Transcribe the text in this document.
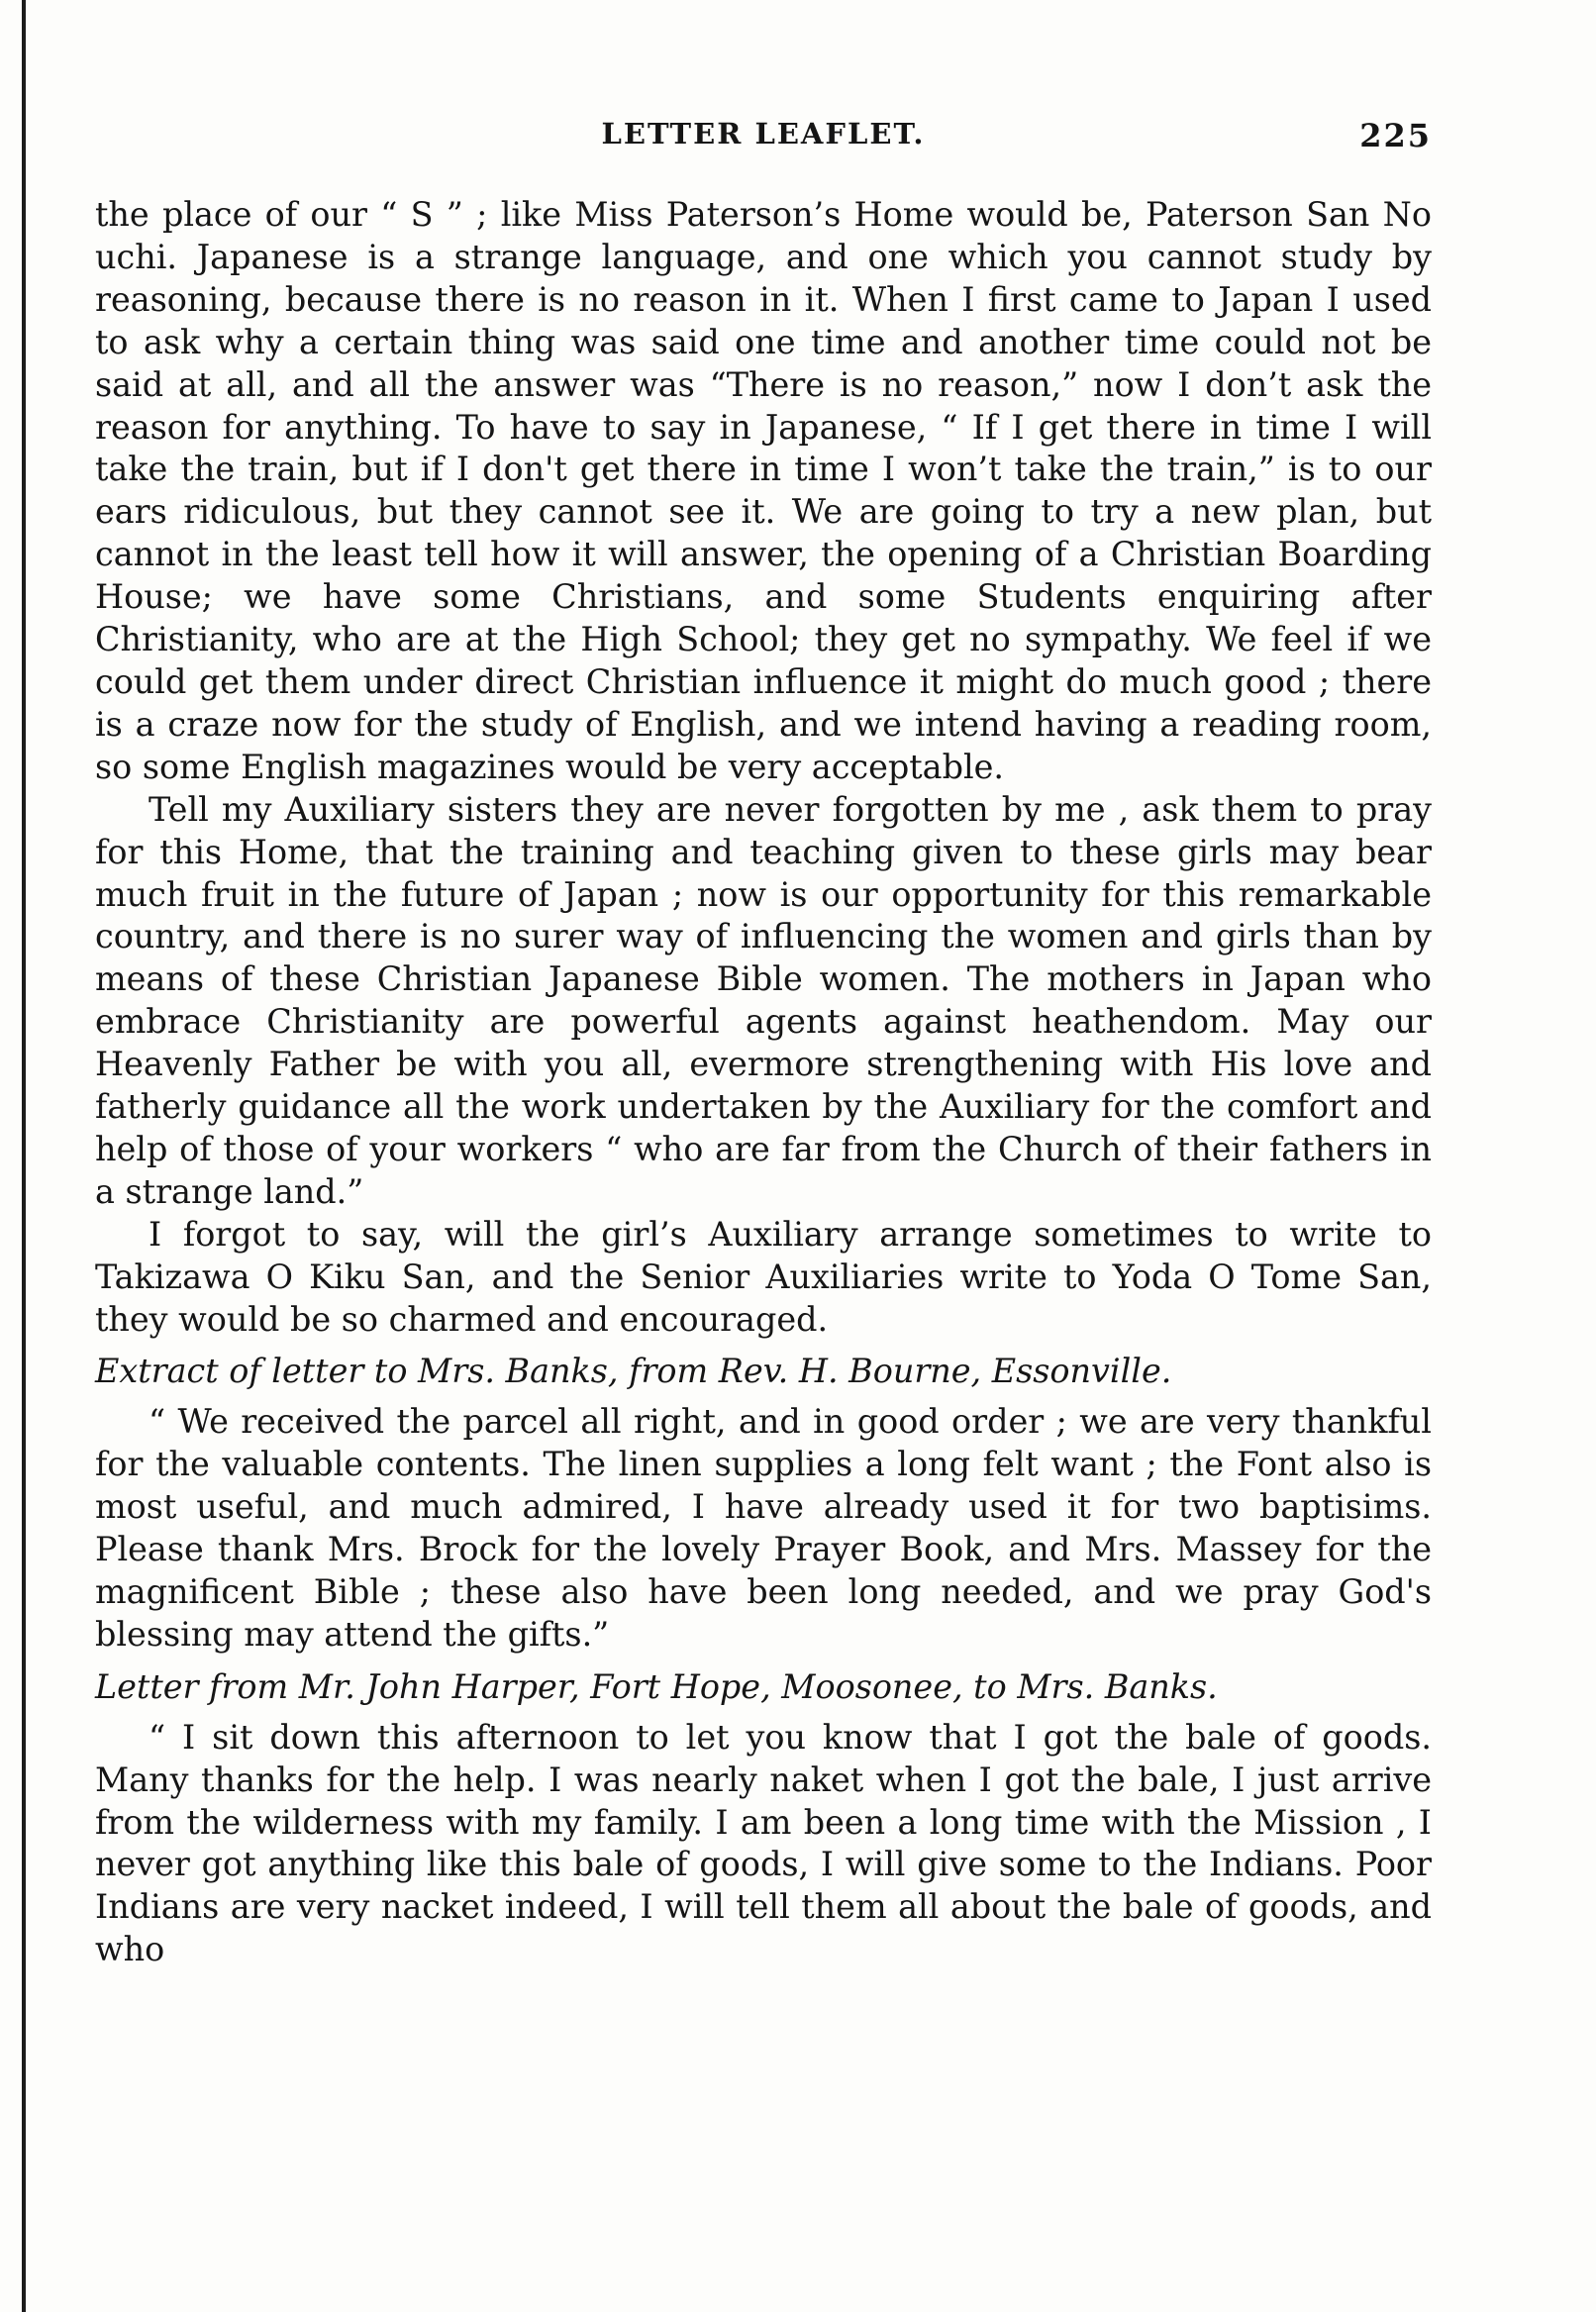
LETTER LEAFLET.	225

the place of our “ S ” ; like Miss Paterson’s Home would be, Paterson San No uchi. Japanese is a strange language, and one which you cannot study by reasoning, because there is no reason in it. When I first came to Japan I used to ask why a certain thing was said one time and another time could not be said at all, and all the answer was “There is no reason,” now I don’t ask the reason for anything. To have to say in Japanese, “ If I get there in time I will take the train, but if I don't get there in time I won’t take the train,” is to our ears ridiculous, but they cannot see it. We are going to try a new plan, but cannot in the least tell how it will answer, the opening of a Christian Boarding House; we have some Christians, and some Students enquiring after Christianity, who are at the High School; they get no sympathy. We feel if we could get them under direct Christian influence it might do much good ; there is a craze now for the study of English, and we intend having a reading room, so some English magazines would be very acceptable.

Tell my Auxiliary sisters they are never forgotten by me , ask them to pray for this Home, that the training and teaching given to these girls may bear much fruit in the future of Japan ; now is our opportunity for this remarkable country, and there is no surer way of influencing the women and girls than by means of these Christian Japanese Bible women. The mothers in Japan who embrace Christianity are powerful agents against heathendom. May our Heavenly Father be with you all, evermore strengthening with His love and fatherly guidance all the work undertaken by the Auxiliary for the comfort and help of those of your workers “ who are far from the Church of their fathers in a strange land.”

I forgot to say, will the girl’s Auxiliary arrange sometimes to write to Takizawa O Kiku San, and the Senior Auxiliaries write to Yoda O Tome San, they would be so charmed and encouraged.

Extract of letter to Mrs. Banks, from Rev. H. Bourne, Essonville.

“ We received the parcel all right, and in good order ; we are very thankful for the valuable contents. The linen supplies a long felt want ; the Font also is most useful, and much admired, I have already used it for two baptisims. Please thank Mrs. Brock for the lovely Prayer Book, and Mrs. Massey for the magnificent Bible ; these also have been long needed, and we pray God's blessing may attend the gifts.”

Letter from Mr. John Harper, Fort Hope, Moosonee, to Mrs. Banks.

“ I sit down this afternoon to let you know that I got the bale of goods. Many thanks for the help. I was nearly naket when I got the bale, I just arrive from the wilderness with my family. I am been a long time with the Mission , I never got anything like this bale of goods, I will give some to the Indians. Poor Indians are very nacket indeed, I will tell them all about the bale of goods, and who
